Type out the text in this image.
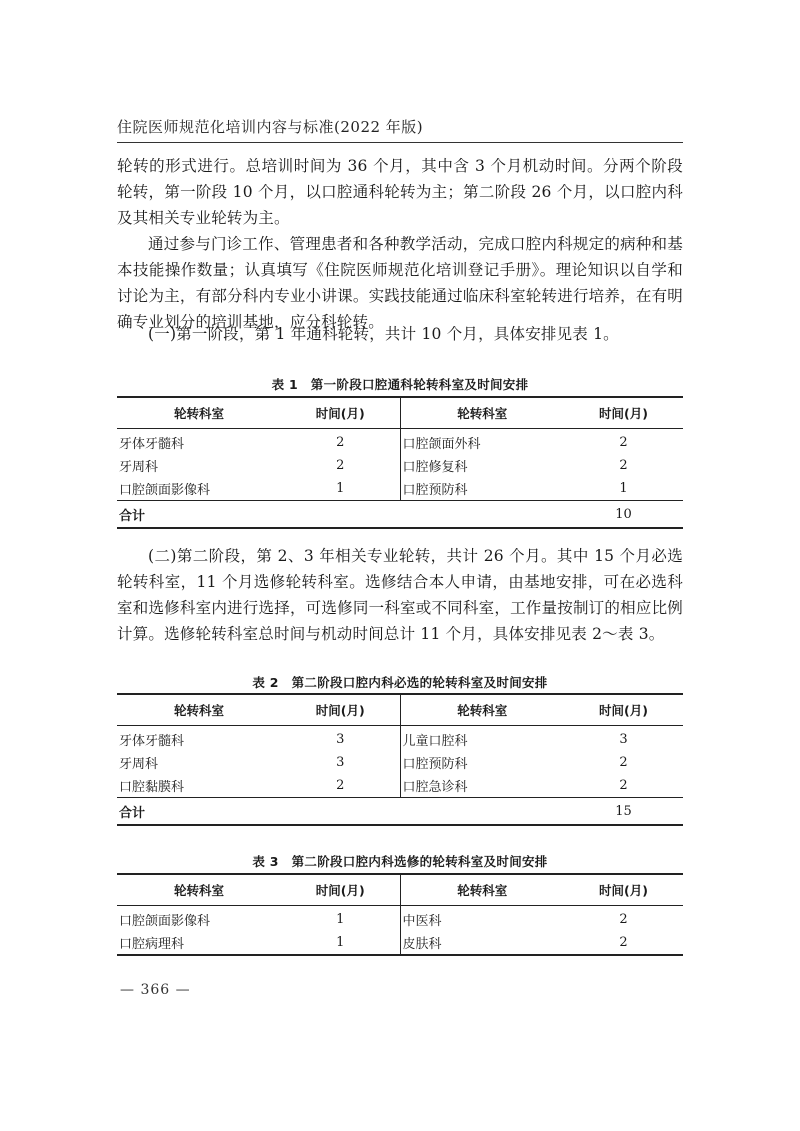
住院医师规范化培训内容与标准(2022 年版)

轮转的形式进行。总培训时间为 36 个月，其中含 3 个月机动时间。分两个阶段轮转，第一阶段 10 个月，以口腔通科轮转为主；第二阶段 26 个月，以口腔内科及其相关专业轮转为主。

通过参与门诊工作、管理患者和各种教学活动，完成口腔内科规定的病种和基本技能操作数量；认真填写《住院医师规范化培训登记手册》。理论知识以自学和讨论为主，有部分科内专业小讲课。实践技能通过临床科室轮转进行培养，在有明确专业划分的培训基地，应分科轮转。

(一)第一阶段，第 1 年通科轮转，共计 10 个月，具体安排见表 1。

表 1　第一阶段口腔通科轮转科室及时间安排
轮转科室	时间(月)	轮转科室	时间(月)
牙体牙髓科	2	口腔颌面外科	2
牙周科	2	口腔修复科	2
口腔颌面影像科	1	口腔预防科	1
合计			10

(二)第二阶段，第 2、3 年相关专业轮转，共计 26 个月。其中 15 个月必选轮转科室，11 个月选修轮转科室。选修结合本人申请，由基地安排，可在必选科室和选修科室内进行选择，可选修同一科室或不同科室，工作量按制订的相应比例计算。选修轮转科室总时间与机动时间总计 11 个月，具体安排见表 2～表 3。

表 2　第二阶段口腔内科必选的轮转科室及时间安排
轮转科室	时间(月)	轮转科室	时间(月)
牙体牙髓科	3	儿童口腔科	3
牙周科	3	口腔预防科	2
口腔黏膜科	2	口腔急诊科	2
合计			15
表 3　第二阶段口腔内科选修的轮转科室及时间安排
轮转科室	时间(月)	轮转科室	时间(月)
口腔颌面影像科	1	中医科	2
口腔病理科	1	皮肤科	2
— 366 —
